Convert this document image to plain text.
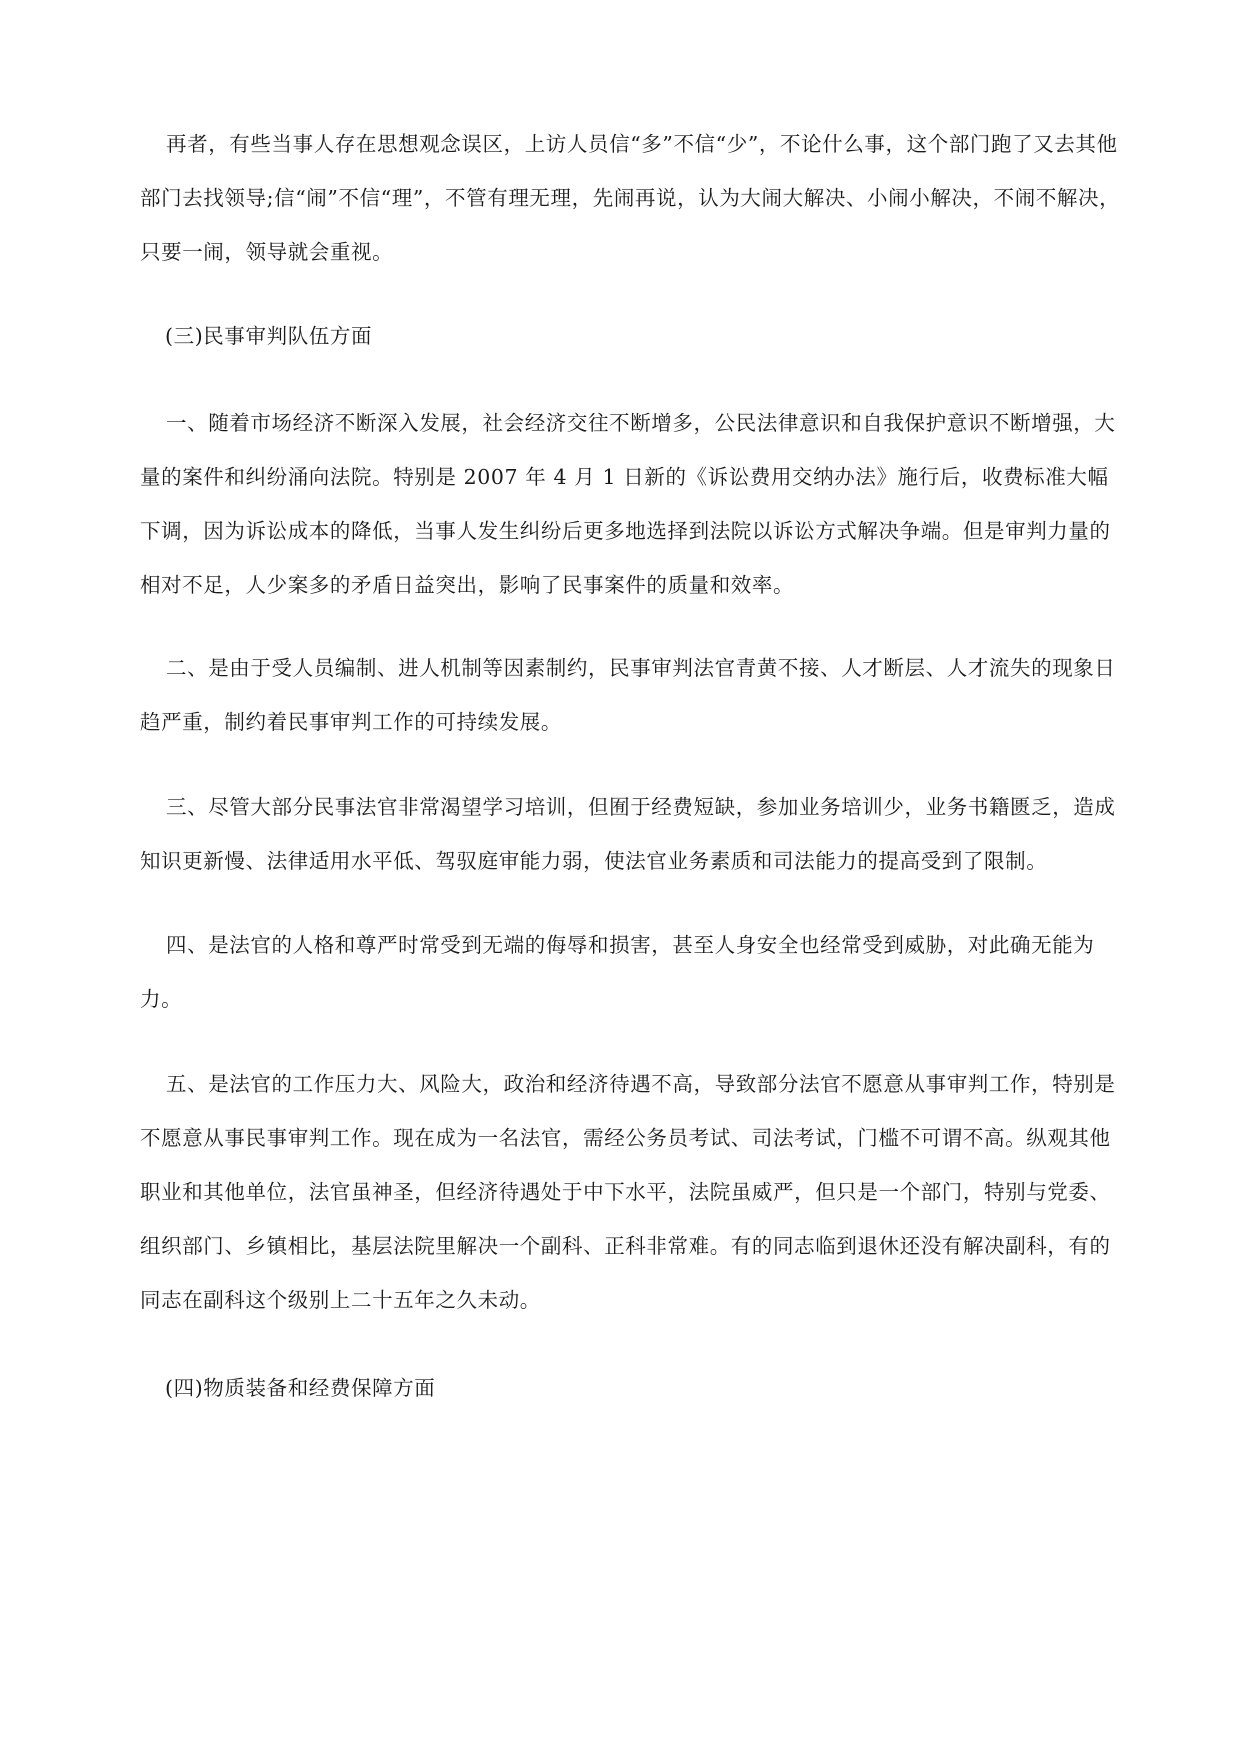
再者，有些当事人存在思想观念误区，上访人员信“多”不信“少”，不论什么事，这个部门跑了又去其他部门去找领导;信“闹”不信“理”，不管有理无理，先闹再说，认为大闹大解决、小闹小解决，不闹不解决，只要一闹，领导就会重视。

(三)民事审判队伍方面

一、随着市场经济不断深入发展，社会经济交往不断增多，公民法律意识和自我保护意识不断增强，大量的案件和纠纷涌向法院。特别是 2007 年 4 月 1 日新的《诉讼费用交纳办法》施行后，收费标准大幅下调，因为诉讼成本的降低，当事人发生纠纷后更多地选择到法院以诉讼方式解决争端。但是审判力量的相对不足，人少案多的矛盾日益突出，影响了民事案件的质量和效率。

二、是由于受人员编制、进人机制等因素制约，民事审判法官青黄不接、人才断层、人才流失的现象日趋严重，制约着民事审判工作的可持续发展。

三、尽管大部分民事法官非常渴望学习培训，但囿于经费短缺，参加业务培训少，业务书籍匮乏，造成知识更新慢、法律适用水平低、驾驭庭审能力弱，使法官业务素质和司法能力的提高受到了限制。

四、是法官的人格和尊严时常受到无端的侮辱和损害，甚至人身安全也经常受到威胁，对此确无能为力。

五、是法官的工作压力大、风险大，政治和经济待遇不高，导致部分法官不愿意从事审判工作，特别是不愿意从事民事审判工作。现在成为一名法官，需经公务员考试、司法考试，门槛不可谓不高。纵观其他职业和其他单位，法官虽神圣，但经济待遇处于中下水平，法院虽威严，但只是一个部门，特别与党委、组织部门、乡镇相比，基层法院里解决一个副科、正科非常难。有的同志临到退休还没有解决副科，有的同志在副科这个级别上二十五年之久未动。

(四)物质装备和经费保障方面
